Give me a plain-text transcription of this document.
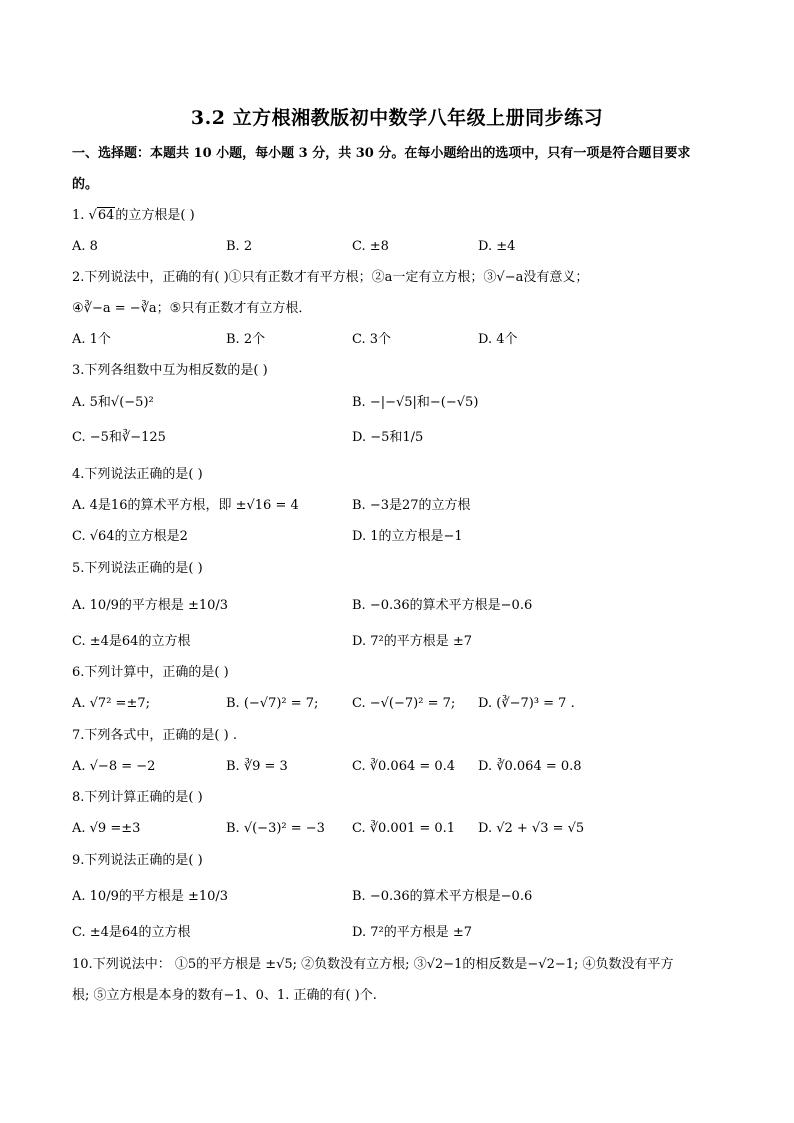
3.2 立方根湘教版初中数学八年级上册同步练习
一、选择题：本题共 10 小题，每小题 3 分，共 30 分。在每小题给出的选项中，只有一项是符合题目要求
的。
1. √64的立方根是( )
A. 8	B. 2	C. ±8	D. ±4
2.下列说法中，正确的有( )①只有正数才有平方根；②a一定有立方根；③√−a没有意义；
④∛−a = −∛a；⑤只有正数才有立方根．
A. 1个	B. 2个	C. 3个	D. 4个
3.下列各组数中互为相反数的是( )
A. 5和√(−5)²	B. −|−√5|和−(−√5)
C. −5和∛−125	D. −5和1/5
4.下列说法正确的是( )
A. 4是16的算术平方根，即 ±√16 = 4	B. −3是27的立方根
C. √64的立方根是2	D. 1的立方根是−1
5.下列说法正确的是( )
A. 10/9的平方根是 ±10/3	B. −0.36的算术平方根是−0.6
C. ±4是64的立方根	D. 7²的平方根是 ±7
6.下列计算中，正确的是( )
A. √7² =±7;	B. (−√7)² = 7;	C. −√(−7)² = 7; D. (∛−7)³ = 7 .
7.下列各式中，正确的是( ) .
A. √−8 = −2	B. ∛9 = 3	C. ∛0.064 = 0.4 D. ∛0.064 = 0.8
8.下列计算正确的是( )
A. √9 =±3	B. √(−3)² = −3 C. ∛0.001 = 0.1 D. √2 + √3 = √5
9.下列说法正确的是( )
A. 10/9的平方根是 ±10/3	B. −0.36的算术平方根是−0.6
C. ±4是64的立方根	D. 7²的平方根是 ±7
10.下列说法中： ①5的平方根是 ±√5; ②负数没有立方根; ③√2−1的相反数是−√2−1; ④负数没有平方
根; ⑤立方根是本身的数有−1、0、1. 正确的有( )个.
